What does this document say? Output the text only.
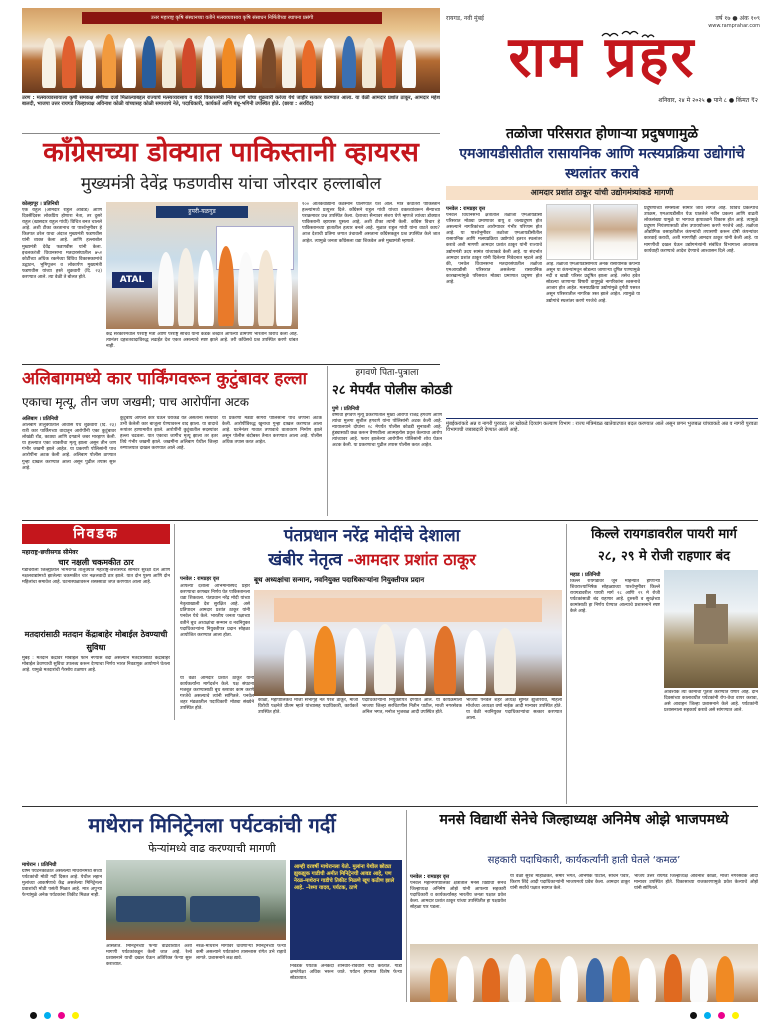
उत्तर महाराष्ट्र कृषि संस्थानच्या वतीने मत्स्यव्यवसाय कृषि संसाधन निर्मितीच्या स्थापना प्रसंगी
उरण : मत्स्यव्यवसायाला कृषी समकक्ष श्रेणीचा दर्जा मिळाल्याबद्दल राज्याचे मत्स्यव्यवसाय व बंदरे विकासमंत्री नितेश राणे यांचा शुक्रवारी करंजा येथे जाहीर सत्कार करण्यात आला. या वेळी आमदार प्रशांत ठाकूर, आमदार महेश बालदी, भाजपा उत्तर रायगड जिल्हाध्यक्ष अविनाश कोळी यांच्यासह कोळी समाजाचे नेते, पदाधिकारी, कार्यकर्ते आणि बंधू-भगिनी उपस्थित होते. (छाया : अरविंद)
रायगड, नवी मुंबई	वर्ष १७ ● अंक १०९
www.ramprahar.com
राम प्रहर
शनिवार, २४ मे २०२५ ● पाने ८ ● किंमत ₹२
काँग्रेसच्या डोक्यात पाकिस्तानी व्हायरस
मुख्यमंत्री देवेंद्र फडणवीस यांचा जोरदार हल्लाबोल
कोल्हापूर । प्रतिनिधी
एक राहुल (आमदार राहुल आवाडे) आणि दिवसेंदिवस लोकप्रिय होणारा नेता, तर दुसरे राहुल (खासदार राहुल गांधी) विचित्र बनत चालले आहे. अशी टीका करतानाच या पार्श्वभूमीवर हे कितपत ठरेल याचा अंदाज मुख्यमंत्री फडणवीस यांनी व्यक्त केला आहे. आणि हल्लाबोल मुख्यमंत्री देवेंद्र फडणवीस यांनी केला. इचलकरंजी विधानसभा मतदारसंघातील ७५२ कोटींच्या अधिक रकमेच्या विविध विकासकामांचे उद्घाटन, भूमिपूजन व लोकार्पण मुख्यमंत्री फडणवीस यांच्या हस्ते शुक्रवारी (दि. २३) करण्यात आले. त्या वेळी ते बोलत होते.
हुपरी-यळगुड
ATAL
केंद्र सरकारमधील परराष्ट्र मंत्री आणि परराष्ट्र सचिव यांनी कडक शब्दात आपल्या ठामपणे भारताने विरोध केला आहे. त्यानंतर दहशतवादाविरुद्ध लढाईत देश एकत्र असल्याचे स्पष्ट झाले आहे. तरी काँग्रेसचे प्रश्न उपस्थित करणे थांबत नाही.
१०० आतंकवाद्यांना कंठस्नान घालण्यात यश आले. मात्र कधीतरी पाकिस्तान हल्ल्यांमध्ये प्रत्युत्तर दिले. काँग्रेसने राहुल गांधी यांच्या वक्तव्यांवरून सैन्याच्या पराक्रमावर प्रश्न उपस्थित केला. देशाच्या सैन्यावर संशय घेणे म्हणजे त्यांच्या डोक्यात पाकिस्तानी व्हायरस घुसला आहे, अशी टीका त्यांनी केली. काँग्रेस विचार हे पाकिस्तानच्या हातातील हत्यार बनले आहे. मूळात राहुल गांधी यांना वाटते काय? आज देशाची प्रतिमा जगात उंचावली असताना काँग्रेसकडून प्रश्न उपस्थित केले जात आहेत. त्यामुळे जनता काँग्रेसला धडा शिकवेल असे मुख्यमंत्री म्हणाले.
तळोजा परिसरात होणाऱ्या प्रदुषणामुळे
एमआयडीसीतील रासायनिक आणि मत्स्यप्रक्रिया उद्योगांचे स्थलांतर करावे
आमदार प्रशांत ठाकूर यांची उद्योगमंत्र्यांकडे मागणी
पनवेल : रामप्रहर वृत्त
पनवेल विधानसभा क्षेत्रातील तळोजा एमआयडीसी परिसरात मोठ्या प्रमाणावर वायू व जलप्रदूषण होत असल्याने नागरिकांच्या आरोग्यावर गंभीर परिणाम होत आहे. या पार्श्वभूमीवर तळोजा एमआयडीसीतील रासायनिक आणि मत्स्यप्रक्रिया उद्योगांचे इतरत्र स्थलांतर करावे अशी मागणी आमदार प्रशांत ठाकूर यांनी राज्याचे उद्योगमंत्री उदय सामंत यांच्याकडे केली आहे. या संदर्भात आमदार प्रशांत ठाकूर यांनी दिलेल्या निवेदनात म्हटले आहे की, पनवेल विधानसभा मतदारसंघातील तळोजा एमआयडीसी परिसरात असलेल्या रासायनिक कारखान्यांमुळे परिसरात मोठ्या प्रमाणात प्रदूषण होत आहे.
आहे. तळोजा एमआयडीसीमध्ये अनेक रासायनिक कंपन्या असून या कंपन्यांमधून सोडल्या जाणाऱ्या दूषित पाण्यामुळे नदी व खाडी परिसर प्रदूषित झाला आहे. तसेच हवेत सोडल्या जाणाऱ्या विषारी वायूमुळे नागरिकांना श्वसनाचे आजार होत आहेत. मत्स्यप्रक्रिया उद्योगांमुळे दुर्गंधी पसरत असून परिसरातील नागरिक त्रस्त झाले आहेत. त्यामुळे या उद्योगांचे स्थलांतर करणे गरजेचे आहे.
प्रदूषणाच्या समस्येला सामोरे जावे लागत आहे. विविध प्रकल्पांचे उपक्रम, एमआयडीसीत येऊ घातलेले नवीन प्रकल्प आणि वाढती लोकसंख्या यामुळे या भागाचा झपाट्याने विकास होत आहे. त्यामुळे प्रदूषण नियंत्रणासाठी ठोस उपाययोजना करणे गरजेचे आहे. तळोजा औद्योगिक वसाहतीतील कंपन्यांची तपासणी करून दोषी कंपन्यांवर कारवाई करावी, अशी मागणीही आमदार ठाकूर यांनी केली आहे. या मागणीची दखल घेऊन उद्योगमंत्र्यांनी संबंधित विभागाला आवश्यक कार्यवाही करण्याचे आदेश देण्याचे आश्वासन दिले आहे.
अलिबागमध्ये कार पार्किंगवरून कुटुंबावर हल्ला
एकाचा मृत्यू, तीन जण जखमी; पाच आरोपींना अटक
अलिबाग । प्रतिनिधी
अलिबाग तालुक्यातील आवास येथे शुक्रवारी (दि. २३) रात्री कार पार्किंगच्या वादातून आरोपींनी एका कुटुंबावर लोखंडी रॉड, काठ्या आणि दगडाने जबर मारहाण केली. या हल्ल्यात एका व्यक्तीचा मृत्यू झाला असून तीन जण गंभीर जखमी झाले आहेत. या प्रकरणी पोलिसांनी पाच आरोपींना अटक केली आहे. अलिबाग पोलीस ठाण्यात गुन्हा दाखल करण्यात आला असून पुढील तपास सुरू आहे.
कुटुंबीय आपली कार घेऊन घराकडे येत असताना रस्त्यावर उभी केलेली कार बाजूला घेण्यावरून वाद झाला. या वादाचे रूपांतर हाणामारीत झाले. आरोपींनी कुटुंबातील सदस्यांवर हल्ला चढवला. यात एकाचा जागीच मृत्यू झाला तर इतर तिघे गंभीर जखमी झाले. जखमींना अलिबाग येथील जिल्हा रुग्णालयात दाखल करण्यात आले आहे.
या प्रकरणी मंडवा सागरी पोलिसांनी पाच जणांना अटक केली. आरोपींविरुद्ध खुनाचा गुन्हा दाखल करण्यात आला आहे. घटनेनंतर गावात तणावाचे वातावरण निर्माण झाले असून पोलीस बंदोबस्त तैनात करण्यात आला आहे. पोलीस अधिक तपास करत आहेत.
हगवणे पिता-पुत्राला
२८ मेपर्यंत पोलीस कोठडी
पुणे । प्रतिनिधी
वैष्णवी हगवणे मृत्यू प्रकरणातील मुख्य आरोपी राजेंद्र हगवणे आणि त्यांचा मुलगा सुशील हगवणे यांना पोलिसांनी अटक केली आहे. न्यायालयाने दोघांना २८ मेपर्यंत पोलीस कोठडी सुनावली आहे. हुंड्यासाठी छळ करून वैष्णवीला आत्महत्येस प्रवृत्त केल्याचा आरोप त्यांच्यावर आहे. फरार झालेल्या आरोपींना पोलिसांनी शोध घेऊन अटक केली. या प्रकरणाचा पुढील तपास पोलीस करत आहेत.
मुंबईकरांकडे अन्न व नागरी पुरवठा; तर खोकडे दिव्यांग कल्याण विभाग : राज्य मंत्रिमंडळ खातेवाटपात बदल करण्यात आले असून छगन भुजबळ यांच्याकडे अन्न व नागरी पुरवठा विभागाची जबाबदारी देण्यात आली आहे.
निवडक
महाराष्ट्र-छत्तीसगड सीमेवर
चार नक्षली चकमकीत ठार
गडचिरोली जिल्ह्यातील भामरागड तालुक्यात महाराष्ट्र-छत्तीसगड सीमेवर सुरक्षा दल आणि नक्षलवाद्यांमध्ये झालेल्या चकमकीत चार नक्षलवादी ठार झाले. यात दोन पुरुष आणि दोन महिलांचा समावेश आहे. घटनास्थळावरून शस्त्रसाठा जप्त करण्यात आला आहे.
मतदारांसाठी मतदान केंद्राबाहेर मोबाईल ठेवण्याची सुविधा
मुंबई : मतदान केंद्रांवर मोबाईल फोन नेण्यास बंदी असल्याने मतदारांसाठी केंद्राबाहेर मोबाईल ठेवण्याची सुविधा उपलब्ध करून देण्याचा निर्णय भारत निवडणूक आयोगाने घेतला आहे. यामुळे मतदारांची गैरसोय टळणार आहे.
पंतप्रधान नरेंद्र मोदींचे देशाला
खंबीर नेतृत्व -आमदार प्रशांत ठाकूर
पनवेल : रामप्रहर वृत्त	बूथ अध्यक्षांचा सन्मान, नवनियुक्त पदाधिकाऱ्यांना नियुक्तीपत्र प्रदान
आपल्या देशाला अभिमानास्पद प्रहार करण्याचा कणखर निर्णय घेत पाकिस्तानला धडा शिकवला. पंतप्रधान नरेंद्र मोदी यांच्या नेतृत्वाखाली देश सुरक्षित आहे. असे प्रतिपादन आमदार प्रशांत ठाकूर यांनी पनवेल येथे केले. भारतीय जनता पक्षाच्या वतीने बूथ अध्यक्षांचा सन्मान व नवनियुक्त पदाधिकाऱ्यांना नियुक्तीपत्र प्रदान सोहळा आयोजित करण्यात आला होता.
या वेळी आमदार प्रशांत ठाकूर यांनी कार्यकर्त्यांना मार्गदर्शन केले. पक्ष संघटना मजबूत करण्यासाठी बूथ स्तरावर काम करणे गरजेचे असल्याचे त्यांनी सांगितले. पनवेल शहर मंडळातील पदाधिकारी मोठ्या संख्येने उपस्थित होते.
कोळी, महापालिकेचे माजी सभागृह नेते परेश ठाकूर, माजी विरोधी पक्षनेते प्रीतम म्हात्रे यांच्यासह पदाधिकारी, कार्यकर्ते उपस्थित होते.
पदाधिकाऱ्यांना नियुक्तीपत्र देण्यात आले. या कार्यक्रमाला भाजपा जिल्हा सरचिटणीस नितीन पाटील, माजी नगरसेवक अनिल भगत, मनोज भुजबळ आदी उपस्थित होते.
भाजपा पनवेल शहर अध्यक्ष सुमित झुंजारराव, महिला मोर्चाच्या अध्यक्षा वर्षा नाईक आदी मान्यवर उपस्थित होते. या वेळी नवनियुक्त पदाधिकाऱ्यांचा सत्कार करण्यात आला.
किल्ले रायगडावरील पायरी मार्ग
२८, २९ मे रोजी राहणार बंद
महाड । प्रतिनिधी
किल्ले रायगडावर जून महिन्यात होणाऱ्या शिवराज्याभिषेक सोहळ्याच्या पार्श्वभूमीवर किल्ले रायगडावरील पायरी मार्ग २८ आणि २९ मे रोजी पर्यटकांसाठी बंद राहणार आहे. दुरुस्ती व सुरक्षेच्या कामांसाठी हा निर्णय घेण्यात आल्याचे प्रशासनाने स्पष्ट केले आहे.
आवश्यक त्या कामांची पूर्तता करण्यात येणार आहे. दोन दिवसांच्या कालावधीत पर्यटकांनी रोप-वेचा वापर करावा, असे आवाहन जिल्हा प्रशासनाने केले आहे. पर्यटकांनी प्रशासनाला सहकार्य करावे असे सांगण्यात आले.
माथेरान मिनिट्रेनला पर्यटकांची गर्दी
फेऱ्यांमध्ये वाढ करण्याची मागणी
माथेरान । प्रतिनिधी
ग्रीष्म पर्यटनकाळात असलेल्या माथेरानमध्ये सध्या पर्यटकांची मोठी गर्दी दिसत आहे. येथील लहान मुलांच्या आकर्षणाचे केंद्र असलेल्या मिनिट्रेनला प्रवाशांची मोठी पसंती मिळत आहे. मात्र अपुऱ्या फेऱ्यांमुळे अनेक पर्यटकांना तिकीट मिळत नाही.
आम्ही दरवर्षी माथेरानला येतो. मुलांना येथील छोट्या झुकझुक गाडीची अमीत मिनिट्रेनची आवड आहे, पण नेरळ-माथेरान गाडीचे तिकीट मिळणे खूप कठीण झाले आहे. –रेश्मा यादव, पर्यटक, ठाणे
आसतात. मिनिट्रेनच्या फेऱ्या वाढवाव्यात अशी मागणी पर्यटकांकडून केली जात आहे. रेल्वे प्रशासनाने याची दखल घेऊन अतिरिक्त फेऱ्या सुरू कराव्यात.
नेरळ-माथेरान मार्गावर धावणाऱ्या मिनिट्रेनच्या फेऱ्या कमी असल्याने पर्यटकांना तासन्तास रांगेत उभे राहावे लागते. प्रशासनाने लक्ष द्यावे.
निवडक पर्यटक अनेकदा शनिवार-रविवारी गर्दी करतात. गाडी क्षमतेपेक्षा अधिक भरून जाते. पर्यटन हंगामात विशेष फेऱ्या सोडाव्यात.
मनसे विद्यार्थी सेनेचे जिल्हाध्यक्ष अनिमेष ओझे भाजपमध्ये
सहकारी पदाधिकारी, कार्यकर्त्यांनी हाती घेतले ‘कमळ’
पनवेल : रामप्रहर वृत्त
पनवेल महानगरपालिका क्षेत्रातील मनसे विद्यार्थी सेनेचे जिल्हाध्यक्ष अनिमेष ओझे यांनी आपल्या सहकारी पदाधिकारी व कार्यकर्त्यांसह भारतीय जनता पक्षात प्रवेश केला. आमदार प्रशांत ठाकूर यांच्या उपस्थितीत हा पक्षप्रवेश सोहळा पार पडला.
या वेळी सुरेश मोहोळकर, समीर भगत, अभिषेक पाटील, सचिन पवार, किरण शिंदे आदी पदाधिकाऱ्यांनी भाजपमध्ये प्रवेश केला. आमदार ठाकूर यांनी सर्वांचे पक्षात स्वागत केले.
भाजप उत्तर रायगड जिल्हाध्यक्ष अविनाश कोळी, माजी नगरसेवक आदी मान्यवर उपस्थित होते. विकासाच्या राजकारणामुळे प्रवेश केल्याचे ओझे यांनी सांगितले.
